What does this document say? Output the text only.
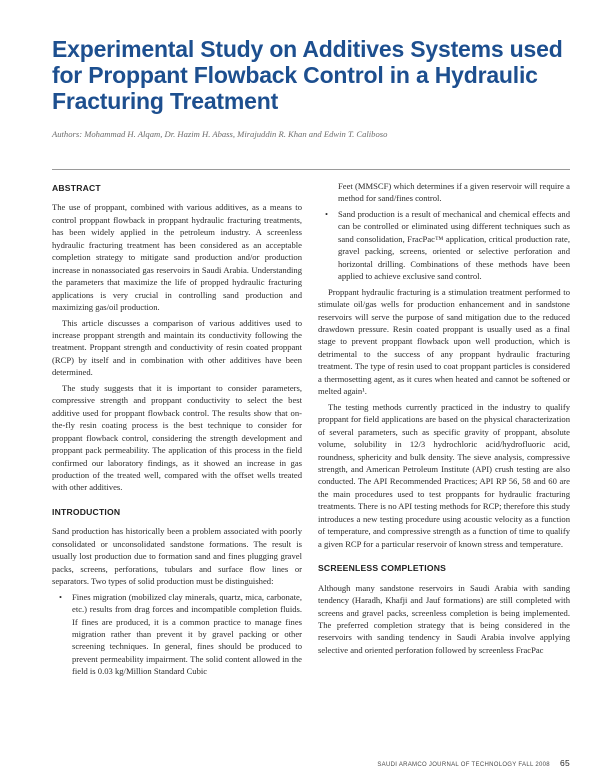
Experimental Study on Additives Systems used for Proppant Flowback Control in a Hydraulic Fracturing Treatment
Authors: Mohammad H. Alqam, Dr. Hazim H. Abass, Mirajuddin R. Khan and Edwin T. Caliboso
ABSTRACT

The use of proppant, combined with various additives, as a means to control proppant flowback in proppant hydraulic fracturing treatments, has been widely applied in the petroleum industry. A screenless hydraulic fracturing treatment has been considered as an acceptable completion strategy to mitigate sand production and/or production increase in nonassociated gas reservoirs in Saudi Arabia. Understanding the parameters that maximize the life of propped hydraulic fracturing applications is very crucial in controlling sand production and maximizing gas/oil production.

This article discusses a comparison of various additives used to increase proppant strength and maintain its conductivity following the treatment. Proppant strength and conductivity of resin coated proppant (RCP) by itself and in combination with other additives have been determined.

The study suggests that it is important to consider parameters, compressive strength and proppant conductivity to select the best additive used for proppant flowback control. The results show that on-the-fly resin coating process is the best technique to consider for proppant flowback control, considering the strength development and proppant pack permeability. The application of this process in the field confirmed our laboratory findings, as it showed an increase in gas production of the treated well, compared with the offset wells treated with other additives.

INTRODUCTION

Sand production has historically been a problem associated with poorly consolidated or unconsolidated sandstone formations. The result is usually lost production due to formation sand and fines plugging gravel packs, screens, perforations, tubulars and surface flow lines or separators. Two types of solid production must be distinguished:

• Fines migration (mobilized clay minerals, quartz, mica, carbonate, etc.) results from drag forces and incompatible completion fluids. If fines are produced, it is a common practice to manage fines migration rather than prevent it by gravel packing or other screening techniques. In general, fines should be produced to prevent permeability impairment. The solid content allowed in the field is 0.03 kg/Million Standard Cubic
Feet (MMSCF) which determines if a given reservoir will require a method for sand/fines control.
• Sand production is a result of mechanical and chemical effects and can be controlled or eliminated using different techniques such as sand consolidation, FracPac™ application, critical production rate, gravel packing, screens, oriented or selective perforation and horizontal drilling. Combinations of these methods have been applied to achieve exclusive sand control.

Proppant hydraulic fracturing is a stimulation treatment performed to stimulate oil/gas wells for production enhancement and in sandstone reservoirs will serve the purpose of sand mitigation due to the reduced drawdown pressure. Resin coated proppant is usually used as a final stage to prevent proppant flowback upon well production, which is detrimental to the success of any proppant hydraulic fracturing treatment. The type of resin used to coat proppant particles is considered a thermosetting agent, as it cures when heated and cannot be softened or melted again¹.

The testing methods currently practiced in the industry to qualify proppant for field applications are based on the physical characterization of several parameters, such as specific gravity of proppant, absolute volume, solubility in 12/3 hydrochloric acid/hydrofluoric acid, roundness, sphericity and bulk density. The sieve analysis, compressive strength, and American Petroleum Institute (API) crush testing are also conducted. The API Recommended Practices; API RP 56, 58 and 60 are the main procedures used to test proppants for hydraulic fracturing treatments. There is no API testing methods for RCP; therefore this study introduces a new testing procedure using acoustic velocity as a function of temperature, and compressive strength as a function of time to qualify a given RCP for a particular reservoir of known stress and temperature.

SCREENLESS COMPLETIONS

Although many sandstone reservoirs in Saudi Arabia with sanding tendency (Haradh, Khafji and Jauf formations) are still completed with screens and gravel packs, screenless completion is being implemented. The preferred completion strategy that is being considered in the reservoirs with sanding tendency in Saudi Arabia involve applying selective and oriented perforation followed by screenless FracPac

SAUDI ARAMCO JOURNAL OF TECHNOLOGY FALL 2008 65
